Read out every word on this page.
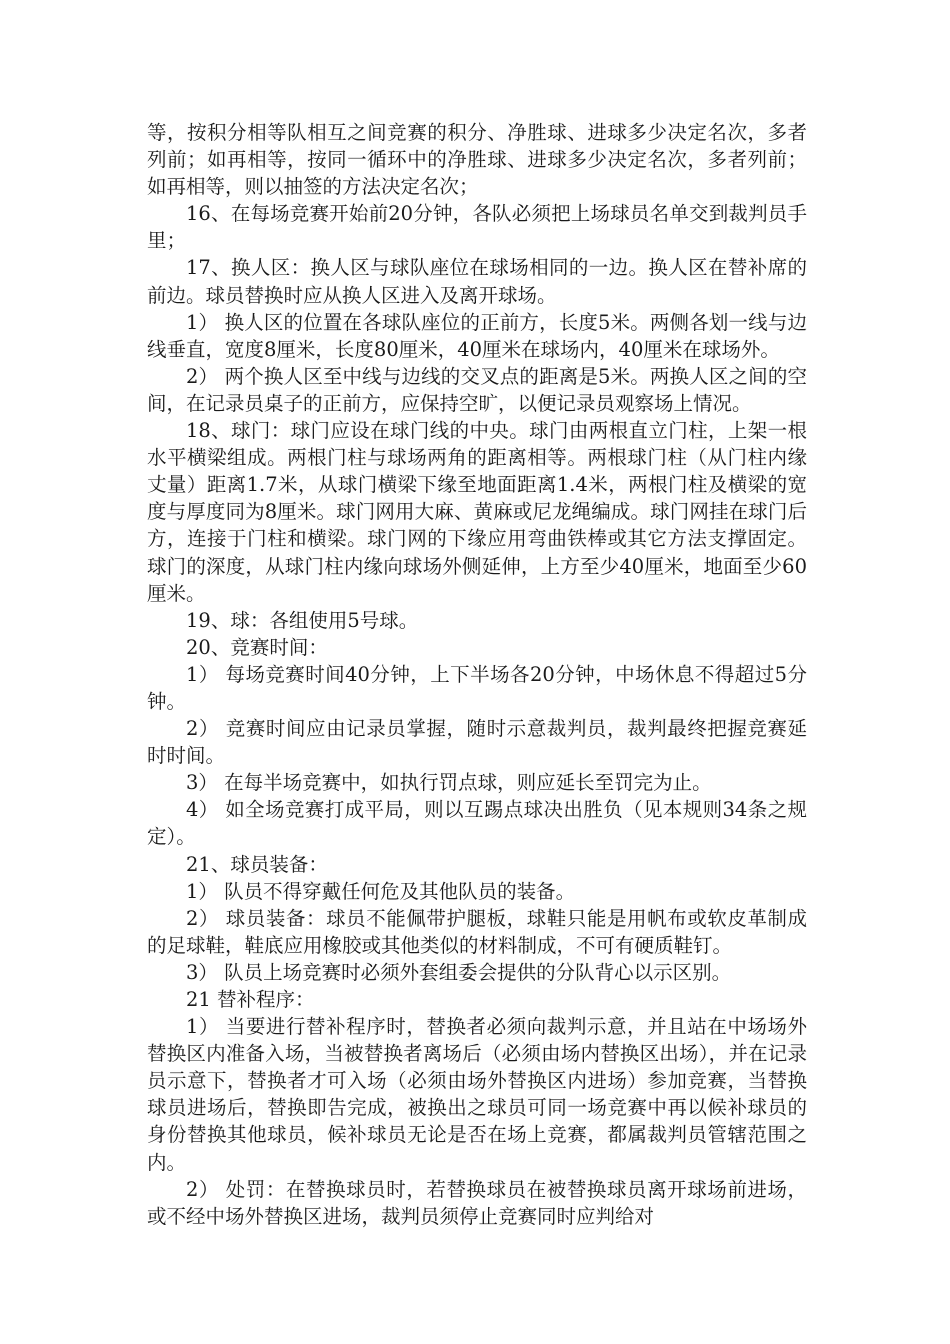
等，按积分相等队相互之间竞赛的积分、净胜球、进球多少决定名次，多者列前；如再相等，按同一循环中的净胜球、进球多少决定名次，多者列前； 如再相等，则以抽签的方法决定名次；

16、在每场竞赛开始前20分钟，各队必须把上场球员名单交到裁判员手里；

17、换人区：换人区与球队座位在球场相同的一边。换人区在替补席的前边。球员替换时应从换人区进入及离开球场。

1） 换人区的位置在各球队座位的正前方，长度5米。两侧各划一线与边线垂直，宽度8厘米，长度80厘米，40厘米在球场内，40厘米在球场外。

2） 两个换人区至中线与边线的交叉点的距离是5米。两换人区之间的空间，在记录员桌子的正前方，应保持空旷，以便记录员观察场上情况。

18、球门：球门应设在球门线的中央。球门由两根直立门柱，上架一根水平横梁组成。两根门柱与球场两角的距离相等。两根球门柱（从门柱内缘丈量）距离1.7米，从球门横梁下缘至地面距离1.4米，两根门柱及横梁的宽度与厚度同为8厘米。球门网用大麻、黄麻或尼龙绳编成。球门网挂在球门后方，连接于门柱和横梁。球门网的下缘应用弯曲铁棒或其它方法支撑固定。 球门的深度，从球门柱内缘向球场外侧延伸，上方至少40厘米，地面至少60厘米。

19、球：各组使用5号球。

20、竞赛时间：

1） 每场竞赛时间40分钟，上下半场各20分钟，中场休息不得超过5分钟。

2） 竞赛时间应由记录员掌握，随时示意裁判员，裁判最终把握竞赛延时时间。

3） 在每半场竞赛中，如执行罚点球，则应延长至罚完为止。

4） 如全场竞赛打成平局，则以互踢点球决出胜负（见本规则34条之规定）。

21、球员装备：

1） 队员不得穿戴任何危及其他队员的装备。

2） 球员装备：球员不能佩带护腿板，球鞋只能是用帆布或软皮革制成的足球鞋，鞋底应用橡胶或其他类似的材料制成，不可有硬质鞋钉。

3） 队员上场竞赛时必须外套组委会提供的分队背心以示区别。

21 替补程序：

1） 当要进行替补程序时，替换者必须向裁判示意，并且站在中场场外替换区内准备入场，当被替换者离场后（必须由场内替换区出场），并在记录员示意下，替换者才可入场（必须由场外替换区内进场）参加竞赛，当替换球员进场后，替换即告完成，被换出之球员可同一场竞赛中再以候补球员的身份替换其他球员，候补球员无论是否在场上竞赛，都属裁判员管辖范围之内。

2） 处罚：在替换球员时，若替换球员在被替换球员离开球场前进场，或不经中场外替换区进场，裁判员须停止竞赛同时应判给对
